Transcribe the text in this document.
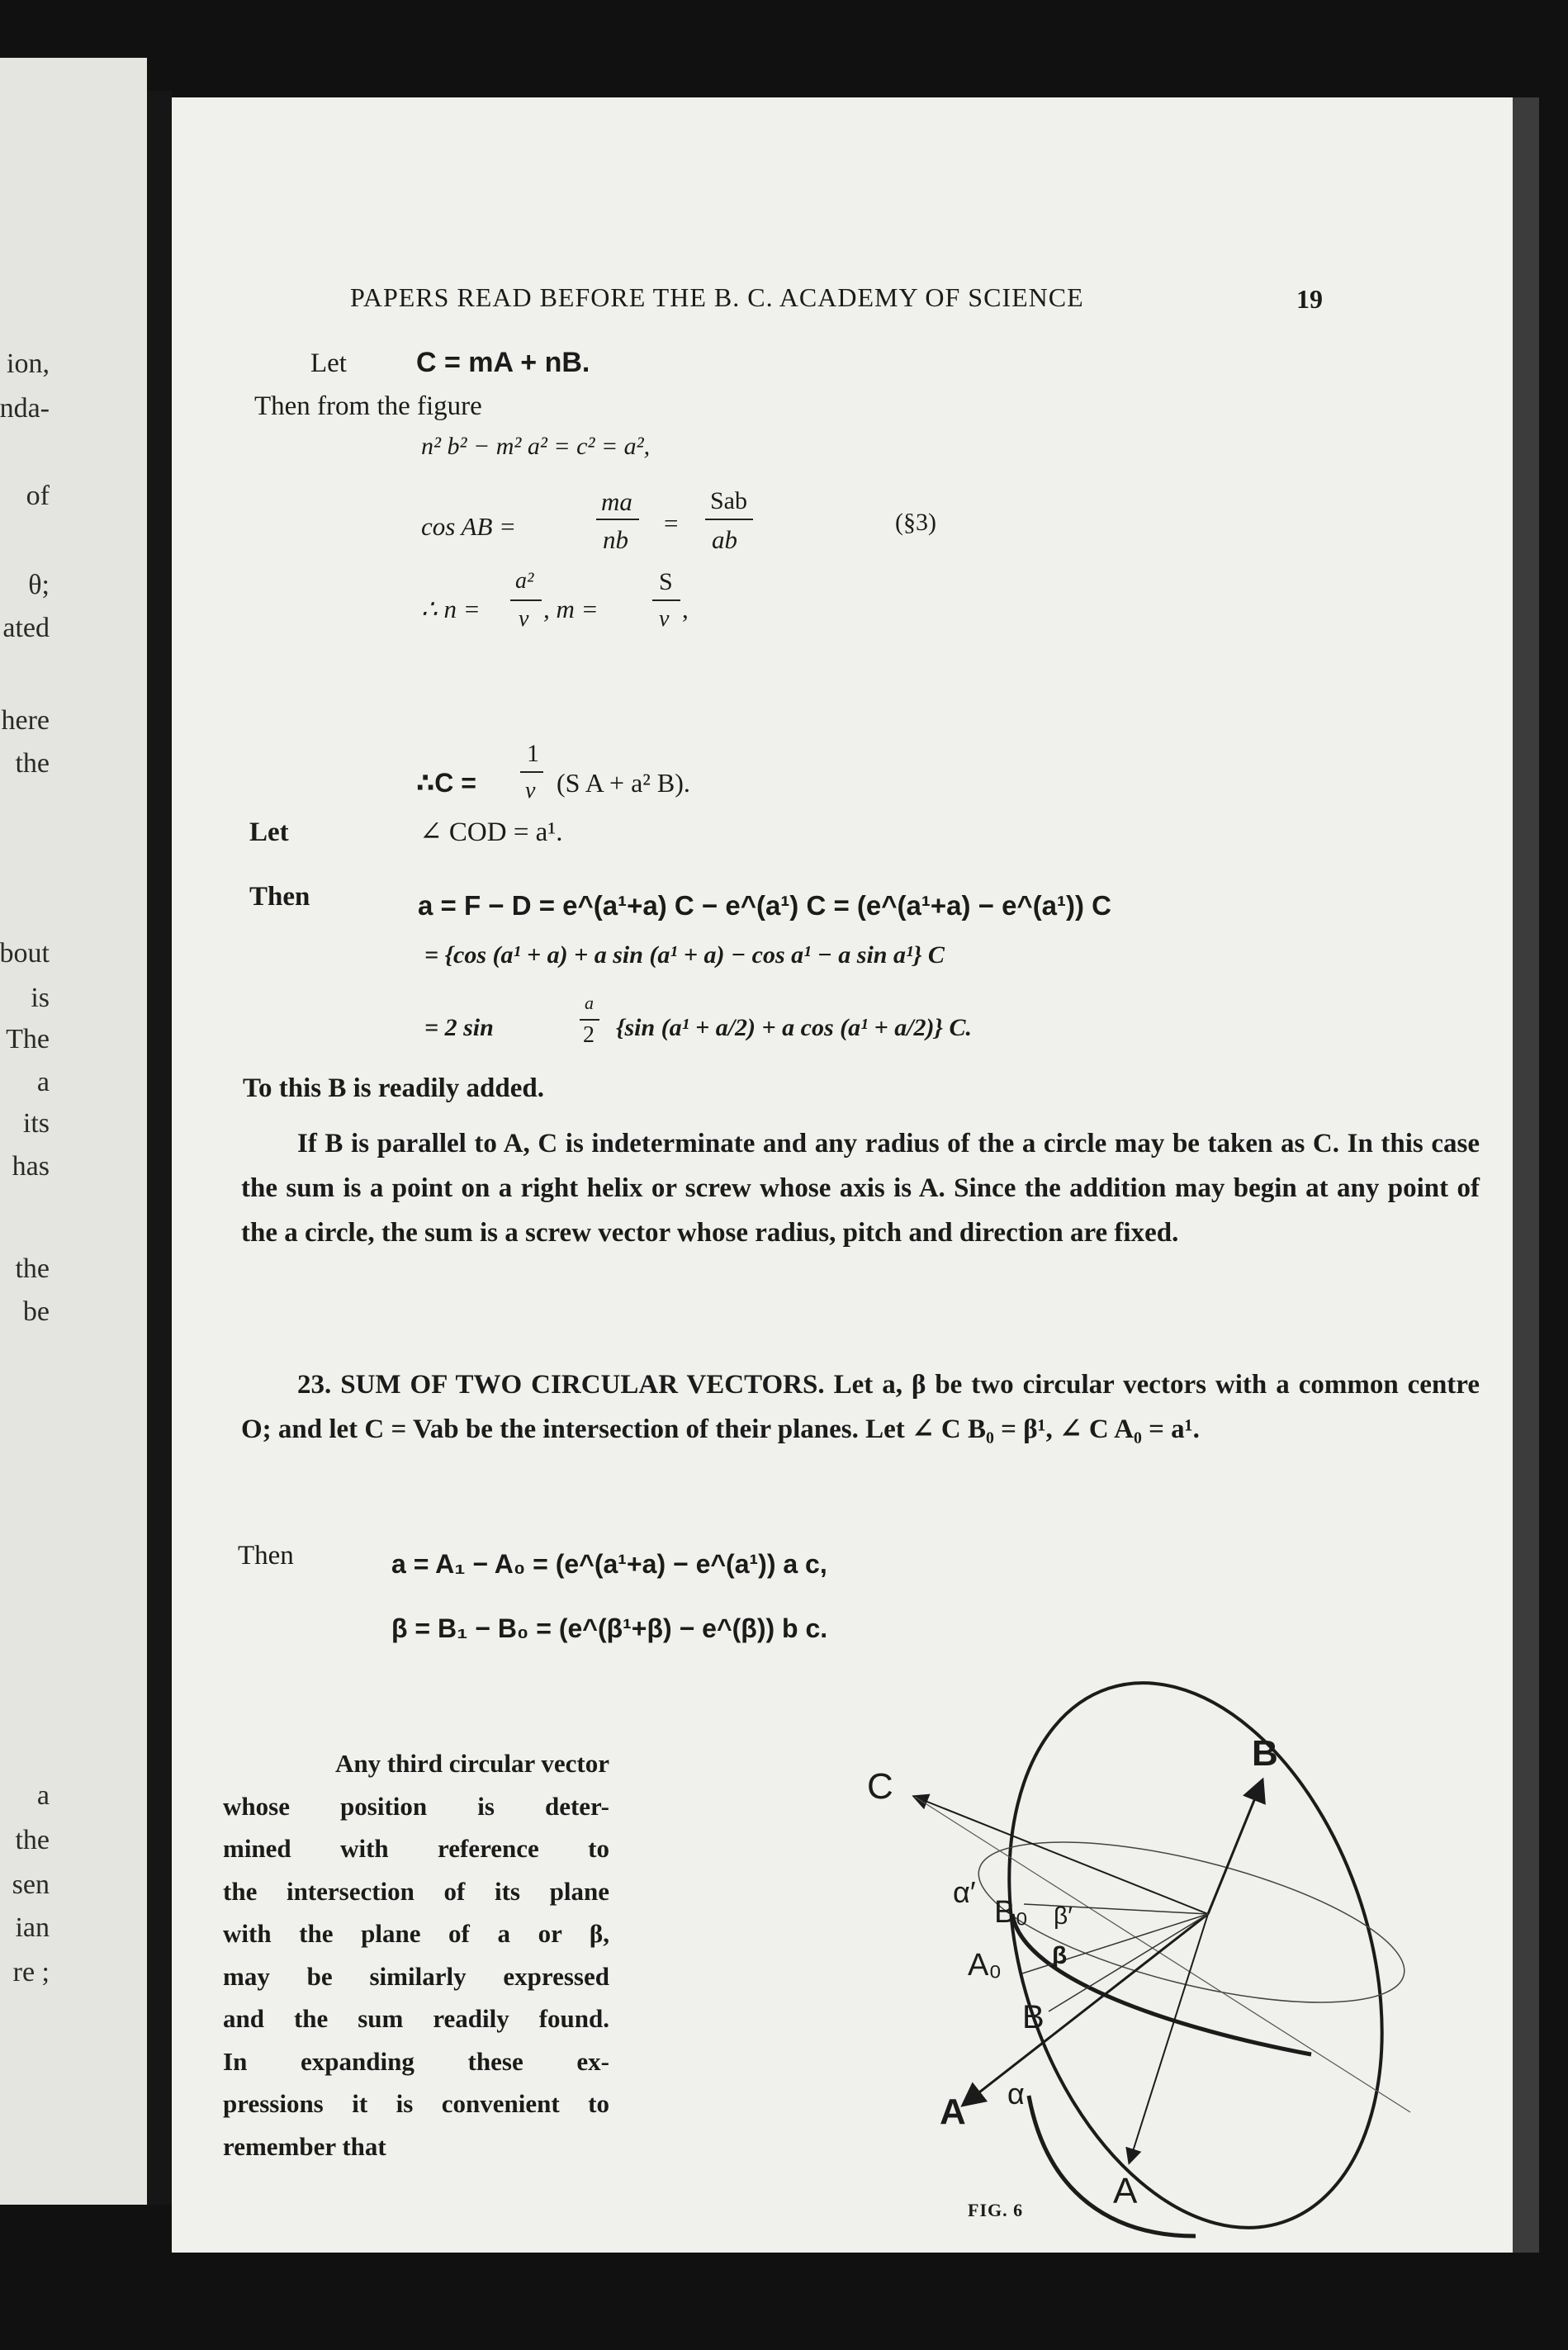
ion,
nda-
of
θ;
ated
here
the
bout
is
The
a
its
has
the
be
a
the
sen
ian
re ;
PAPERS READ BEFORE THE B. C. ACADEMY OF SCIENCE	19
Let C = mA + nB.
Then from the figure
n² b² − m² a² = c² = a²,
cos AB =
ma
nb
=
Sab
ab
(§3)
∴ n =
a²
v , m =
S
v ,
∴C =
1
v (S A + a² B).
Let	∠ COD = a¹.
Then	a = F − D = e^(a¹+a) C − e^(a¹) C = (e^(a¹+a) − e^(a¹)) C
= {cos (a¹ + a) + a sin (a¹ + a) − cos a¹ − a sin a¹} C
= 2 sin
a
2 {sin (a¹ + a/2) + a cos (a¹ + a/2)} C.
To this B is readily added.
If B is parallel to A, C is indeterminate and any radius of the a circle may be taken as C. In this case the sum is a point on a right helix or screw whose axis is A. Since the addition may begin at any point of the a circle, the sum is a screw vector whose radius, pitch and direction are fixed.
23. SUM OF TWO CIRCULAR VECTORS. Let a, β be two circular vectors with a common centre O; and let C = Vab be the intersection of their planes. Let ∠ C B₀ = β¹, ∠ C A₀ = a¹.
Then	a = A₁ − A₀ = (e^(a¹+a) − e^(a¹)) a c,
β = B₁ − B₀ = (e^(β¹+β) − e^(β)) b c.
Any third circular vector
whose position is deter-
mined with reference to
the intersection of its plane
with the plane of a or β,
may be similarly expressed
and the sum readily found.
In expanding these ex-
pressions it is convenient to
remember that
C
B
α′
B₀ β′
β
A₀
B
A α
A
FIG. 6
